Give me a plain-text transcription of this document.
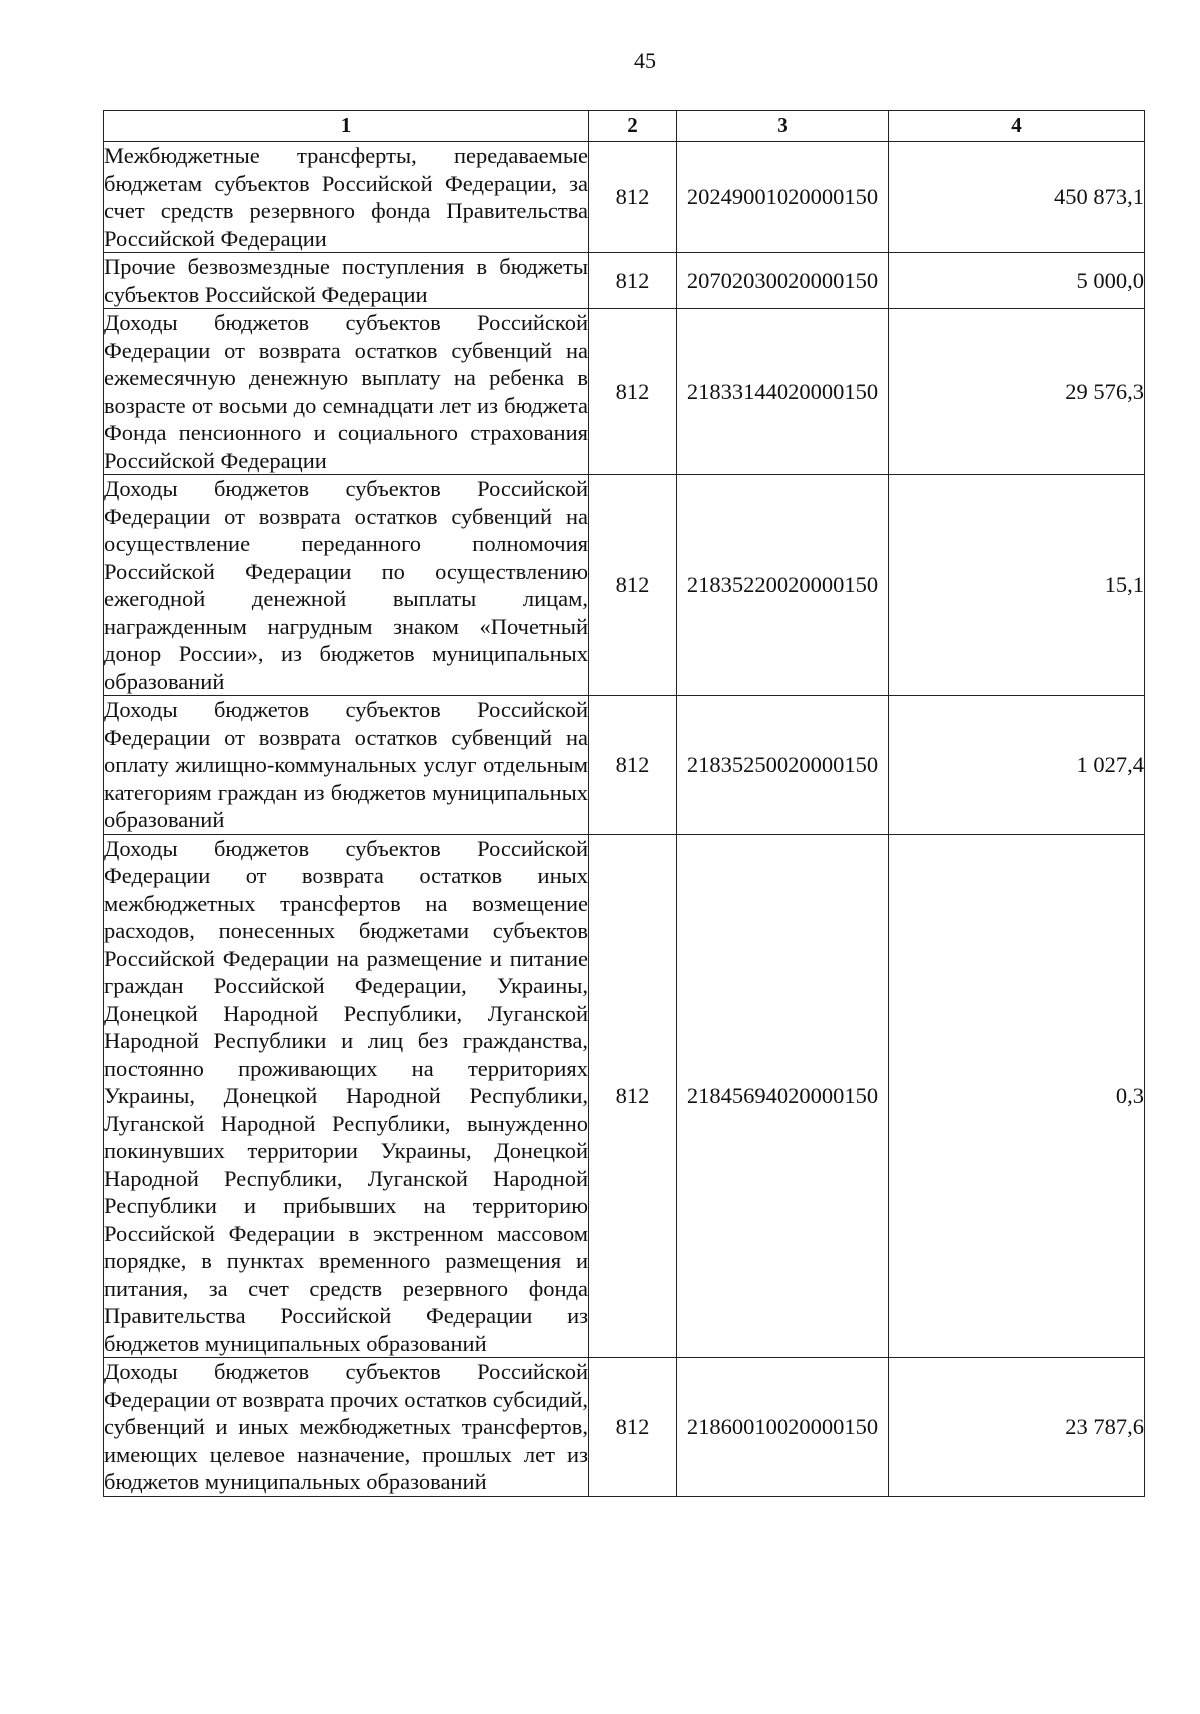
45
1	2	3	4
Межбюджетные трансферты, передаваемые бюджетам субъектов Российской Федерации, за счет средств резервного фонда Правительства Российской Федерации	812	20249001020000150	450 873,1
Прочие безвозмездные поступления в бюджеты субъектов Российской Федерации	812	20702030020000150	5 000,0
Доходы бюджетов субъектов Российской Федерации от возврата остатков субвенций на ежемесячную денежную выплату на ребенка в возрасте от восьми до семнадцати лет из бюджета Фонда пенсионного и социального страхования Российской Федерации	812	21833144020000150	29 576,3
Доходы бюджетов субъектов Российской Федерации от возврата остатков субвенций на осуществление переданного полномочия Российской Федерации по осуществлению ежегодной денежной выплаты лицам, награжденным нагрудным знаком «Почетный донор России», из бюджетов муниципальных образований	812	21835220020000150	15,1
Доходы бюджетов субъектов Российской Федерации от возврата остатков субвенций на оплату жилищно-коммунальных услуг отдельным категориям граждан из бюджетов муниципальных образований	812	21835250020000150	1 027,4
Доходы бюджетов субъектов Российской Федерации от возврата остатков иных межбюджетных трансфертов на возмещение расходов, понесенных бюджетами субъектов Российской Федерации на размещение и питание граждан Российской Федерации, Украины, Донецкой Народной Республики, Луганской Народной Республики и лиц без гражданства, постоянно проживающих на территориях Украины, Донецкой Народной Республики, Луганской Народной Республики, вынужденно покинувших территории Украины, Донецкой Народной Республики, Луганской Народной Республики и прибывших на территорию Российской Федерации в экстренном массовом порядке, в пунктах временного размещения и питания, за счет средств резервного фонда Правительства Российской Федерации из бюджетов муниципальных образований	812	21845694020000150	0,3
Доходы бюджетов субъектов Российской Федерации от возврата прочих остатков субсидий, субвенций и иных межбюджетных трансфертов, имеющих целевое назначение, прошлых лет из бюджетов муниципальных образований	812	21860010020000150	23 787,6
